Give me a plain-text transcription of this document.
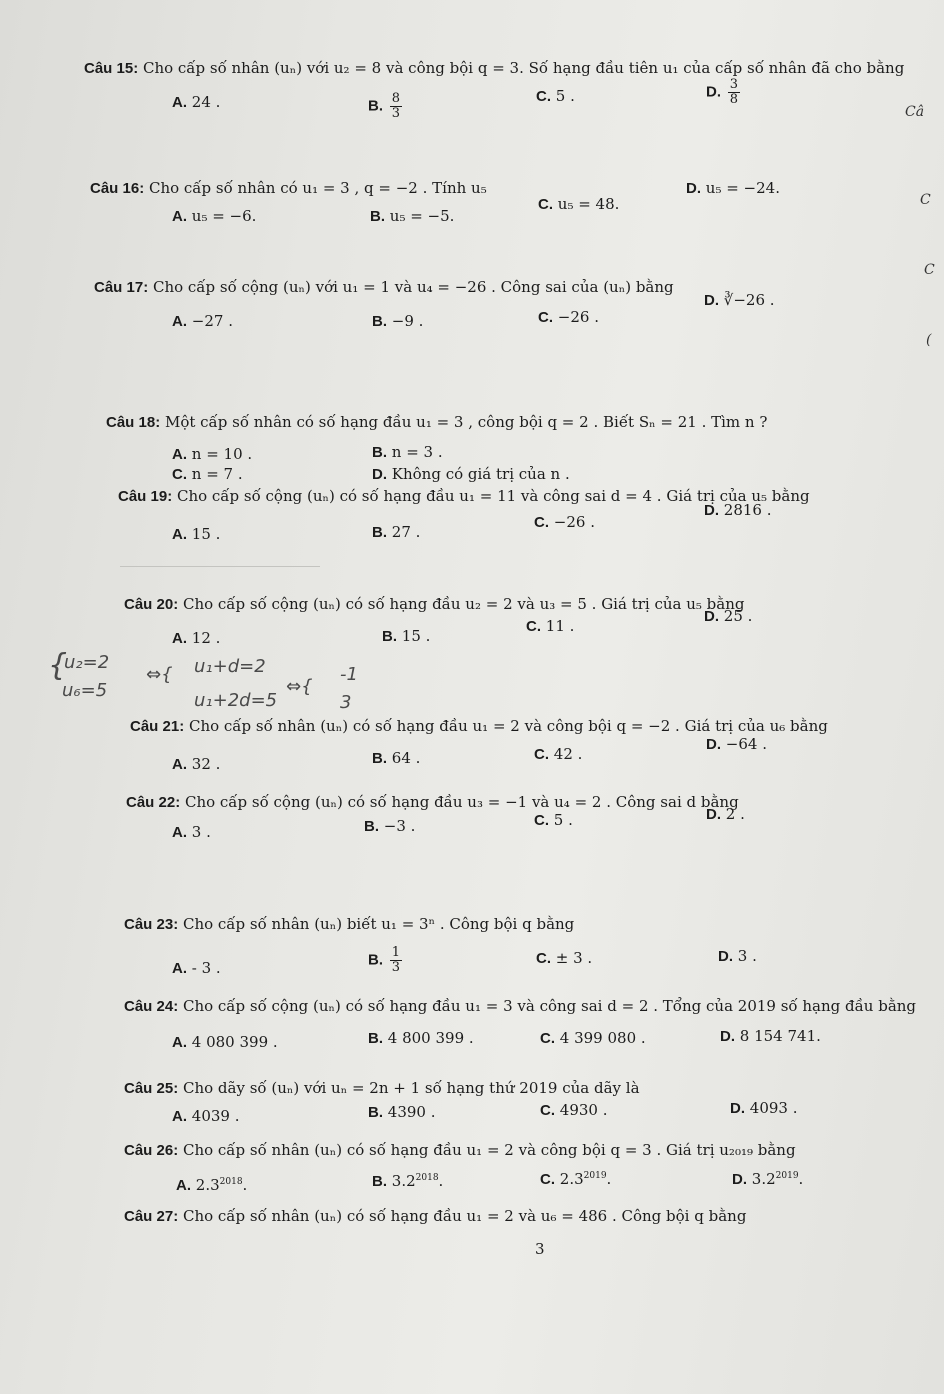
Câu 15: Cho cấp số nhân (uₙ) với u₂ = 8 và công bội q = 3. Số hạng đầu tiên u₁ của cấp số nhân đã cho bằng
A. 24 .	B. $\frac{8}{3}$	C. 5 .	D. $\frac{3}{8}$
Câ
Câu 16: Cho cấp số nhân có u₁ = 3 , q = −2 . Tính u₅
A. u₅ = −6.	B. u₅ = −5.
C. u₅ = 48.
D. u₅ = −24.
C
Câu 17: Cho cấp số cộng (uₙ) với u₁ = 1 và u₄ = −26 . Công sai của (uₙ) bằng
A. −27 .	B. −9 .	C. −26 .
D. ∛−26 .
C
(
Câu 18: Một cấp số nhân có số hạng đầu u₁ = 3 , công bội q = 2 . Biết Sₙ = 21 . Tìm n ?
A. n = 10 .	B. n = 3 .
C. n = 7 .	D. Không có giá trị của n .
Câu 19: Cho cấp số cộng (uₙ) có số hạng đầu u₁ = 11 và công sai d = 4 . Giá trị của u₅ bằng
A. 15 .	B. 27 .
C. −26 .
D. 2816 .
Câu 20: Cho cấp số cộng (uₙ) có số hạng đầu u₂ = 2 và u₃ = 5 . Giá trị của u₅ bằng
A. 12 .	B. 15 .
C. 11 .
D. 25 .
{
u₂=2
u₆=5
⇔{ u₁+d=2
u₁+2d=5
⇔{
-1
3
Câu 21: Cho cấp số nhân (uₙ) có số hạng đầu u₁ = 2 và công bội q = −2 . Giá trị của u₆ bằng
A. 32 .	B. 64 .	C. 42 .
D. −64 .
Câu 22: Cho cấp số cộng (uₙ) có số hạng đầu u₃ = −1 và u₄ = 2 . Công sai d bằng
A. 3 .	B. −3 .	C. 5 .	D. 2 .
Câu 23: Cho cấp số nhân (uₙ) biết u₁ = 3ⁿ . Công bội q bằng
A. - 3 .	B. $\frac{1}{3}$	C. ± 3 .	D. 3 .
Câu 24: Cho cấp số cộng (uₙ) có số hạng đầu u₁ = 3 và công sai d = 2 . Tổng của 2019 số hạng đầu bằng
A. 4 080 399 .	B. 4 800 399 .	C. 4 399 080 .	D. 8 154 741.
Câu 25: Cho dãy số (uₙ) với uₙ = 2n + 1 số hạng thứ 2019 của dãy là
A. 4039 .	B. 4390 .	C. 4930 .	D. 4093 .
Câu 26: Cho cấp số nhân (uₙ) có số hạng đầu u₁ = 2 và công bội q = 3 . Giá trị u₂₀₁₉ bằng
A. $2.3^{2018}$.	B. $3.2^{2018}$.	C. $2.3^{2019}$.	D. $3.2^{2019}$.
Câu 27: Cho cấp số nhân (uₙ) có số hạng đầu u₁ = 2 và u₆ = 486 . Công bội q bằng
3
